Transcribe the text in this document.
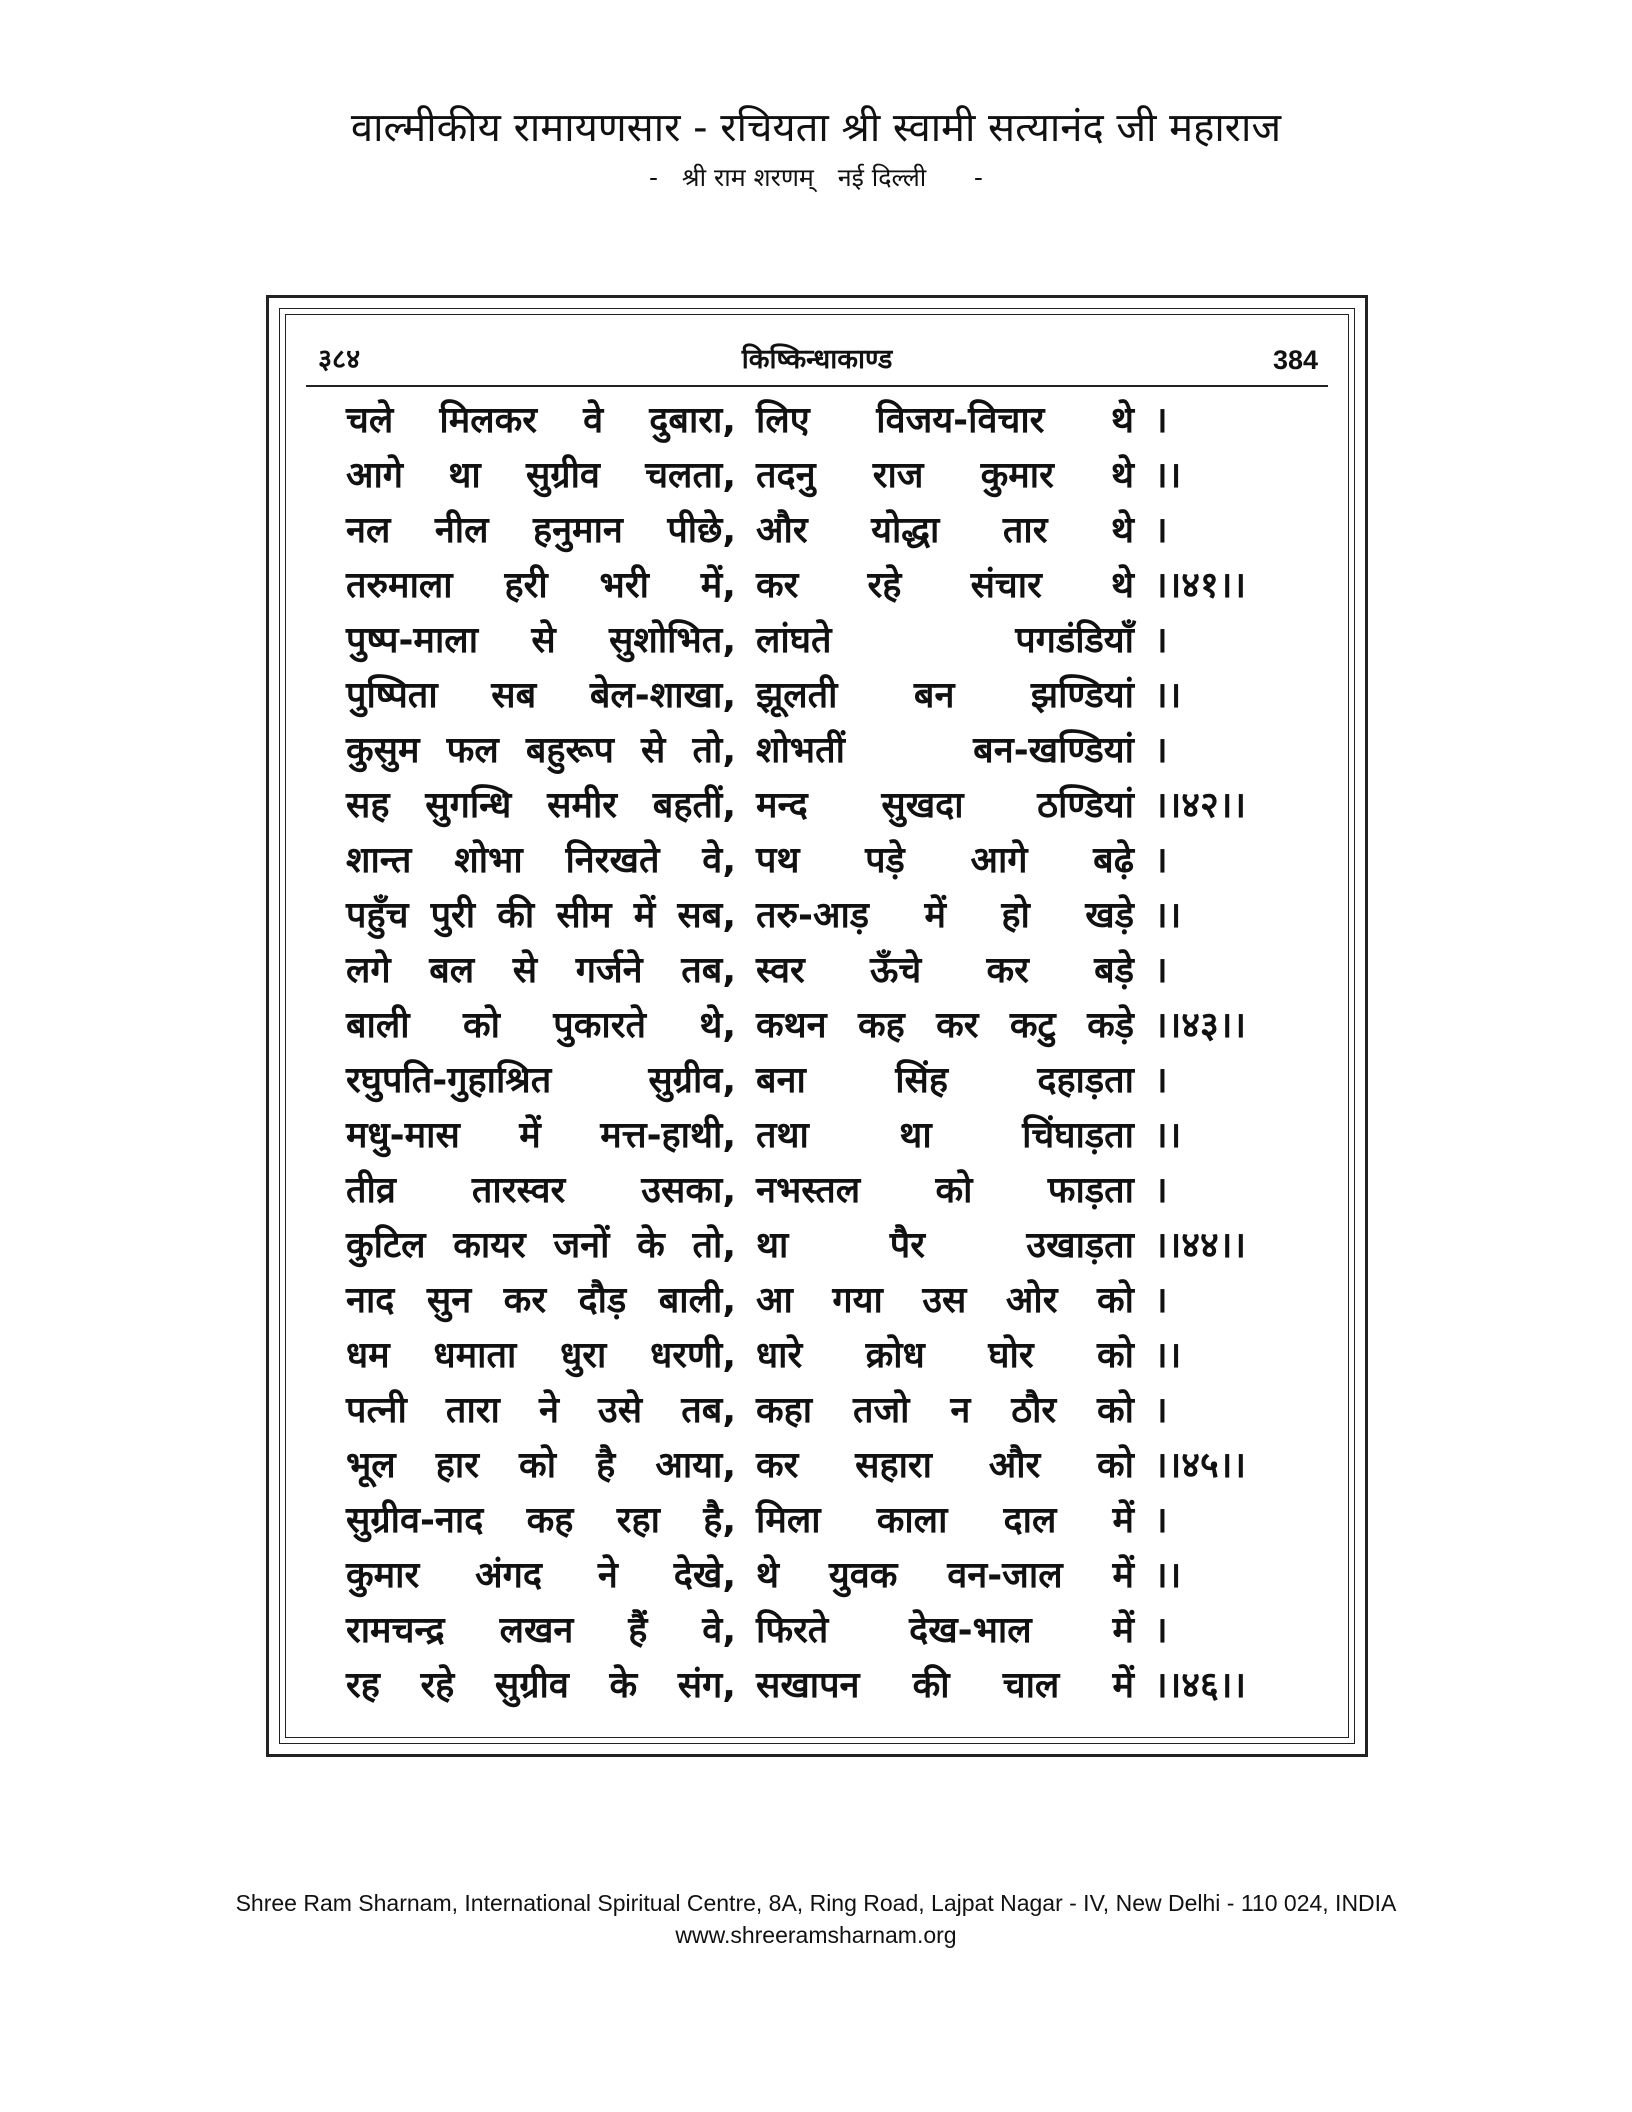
वाल्मीकीय रामायणसार - रचियता श्री स्वामी सत्यानंद जी महाराज
-   श्री राम शरणम्   नई दिल्ली      -
३८४	किष्किन्धाकाण्ड	384
चले मिलकर वे दुबारा, लिए विजय-विचार थे ।
आगे था सुग्रीव चलता, तदनु राज कुमार थे ।।
नल नील हनुमान पीछे, और योद्धा तार थे ।
तरुमाला हरी भरी में, कर रहे संचार थे ।।४१।।
पुष्प-माला से सुशोभित, लांघते पगडंडियाँ ।
पुष्पिता सब बेल-शाखा, झूलती बन झण्डियां ।।
कुसुम फल बहुरूप से तो, शोभतीं बन-खण्डियां ।
सह सुगन्धि समीर बहतीं, मन्द सुखदा ठण्डियां ।।४२।।
शान्त शोभा निरखते वे, पथ पड़े आगे बढ़े ।
पहुँच पुरी की सीम में सब, तरु-आड़ में हो खड़े ।।
लगे बल से गर्जने तब, स्वर ऊँचे कर बड़े ।
बाली को पुकारते थे, कथन कह कर कटु कड़े ।।४३।।
रघुपति-गुहाश्रित सुग्रीव, बना सिंह दहाड़ता ।
मधु-मास में मत्त-हाथी, तथा था चिंघाड़ता ।।
तीव्र तारस्वर उसका, नभस्तल को फाड़ता ।
कुटिल कायर जनों के तो, था पैर उखाड़ता ।।४४।।
नाद सुन कर दौड़ बाली, आ गया उस ओर को ।
धम धमाता धुरा धरणी, धारे क्रोध घोर को ।।
पत्नी तारा ने उसे तब, कहा तजो न ठौर को ।
भूल हार को है आया, कर सहारा और को ।।४५।।
सुग्रीव-नाद कह रहा है, मिला काला दाल में ।
कुमार अंगद ने देखे, थे युवक वन-जाल में ।।
रामचन्द्र लखन हैं वे, फिरते देख-भाल में ।
रह रहे सुग्रीव के संग, सखापन की चाल में ।।४६।।
Shree Ram Sharnam, International Spiritual Centre, 8A, Ring Road, Lajpat Nagar - IV, New Delhi - 110 024, INDIA
www.shreeramsharnam.org
